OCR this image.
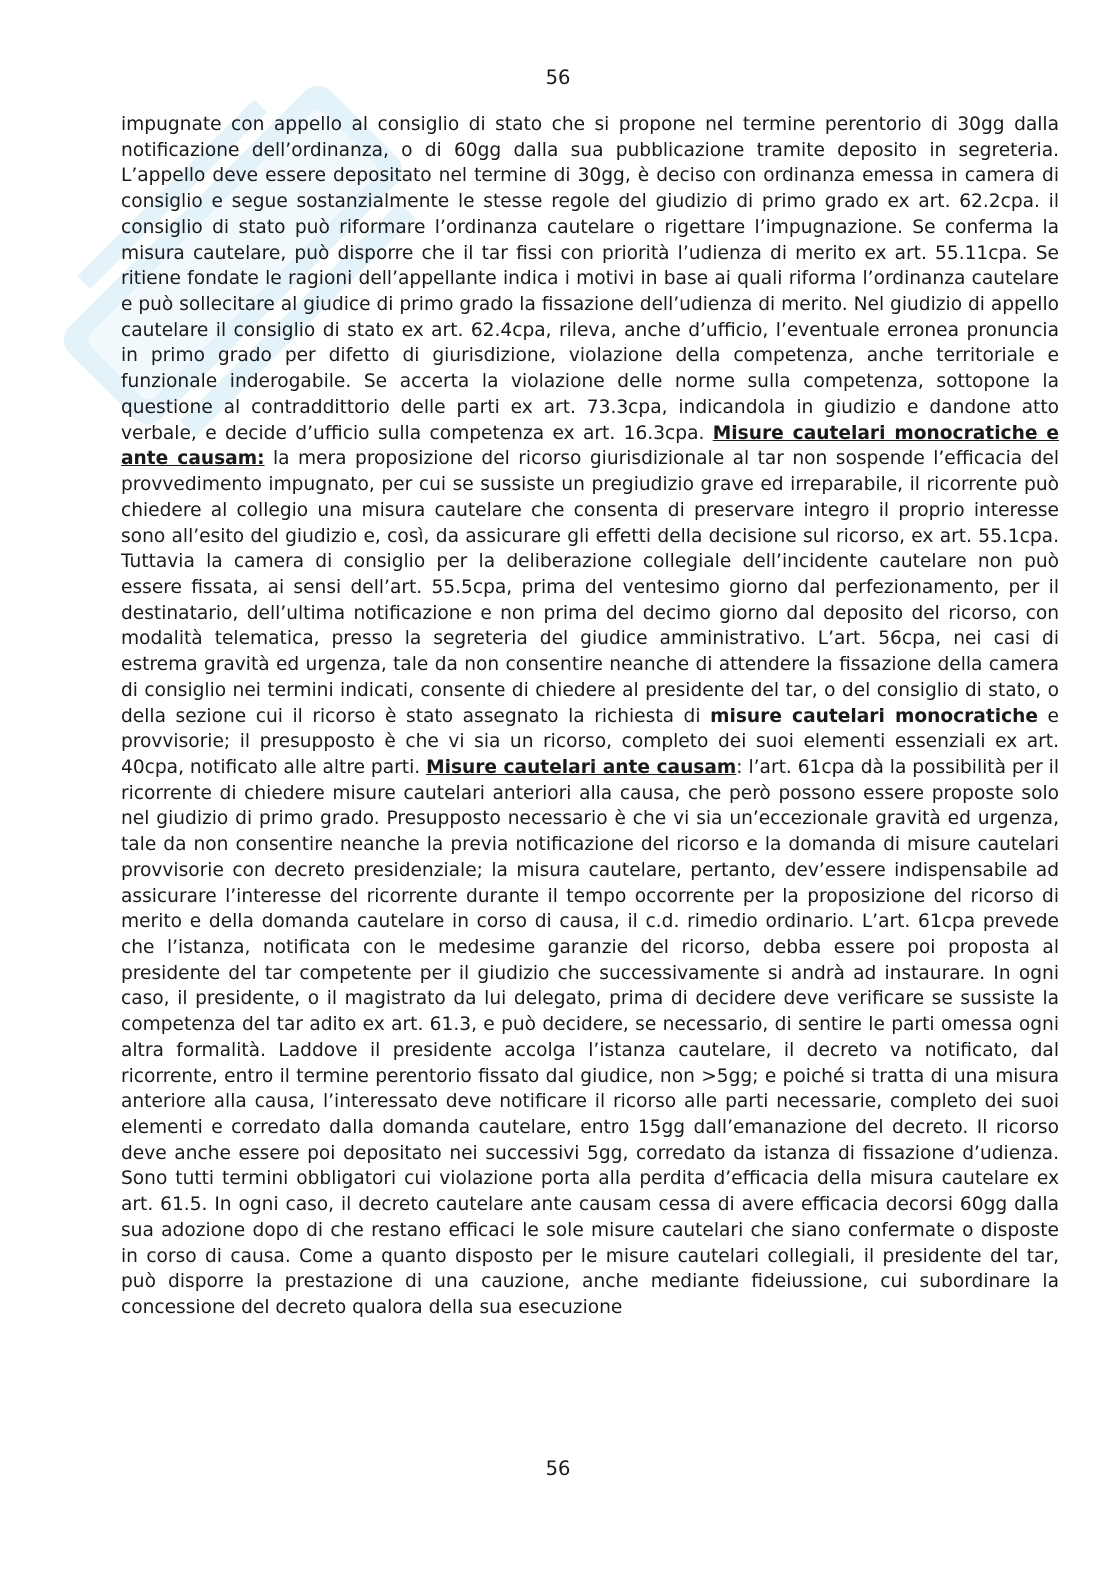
56

impugnate con appello al consiglio di stato che si propone nel termine perentorio di 30gg dalla notificazione dell’ordinanza, o di 60gg dalla sua pubblicazione tramite deposito in segreteria. L’appello deve essere depositato nel termine di 30gg, è deciso con ordinanza emessa in camera di consiglio e segue sostanzialmente le stesse regole del giudizio di primo grado ex art. 62.2cpa. il consiglio di stato può riformare l’ordinanza cautelare o rigettare l’impugnazione. Se conferma la misura cautelare, può disporre che il tar fissi con priorità l’udienza di merito ex art. 55.11cpa. Se ritiene fondate le ragioni dell’appellante indica i motivi in base ai quali riforma l’ordinanza cautelare e può sollecitare al giudice di primo grado la fissazione dell’udienza di merito. Nel giudizio di appello cautelare il consiglio di stato ex art. 62.4cpa, rileva, anche d’ufficio, l’eventuale erronea pronuncia in primo grado per difetto di giurisdizione, violazione della competenza, anche territoriale e funzionale inderogabile. Se accerta la violazione delle norme sulla competenza, sottopone la questione al contraddittorio delle parti ex art. 73.3cpa, indicandola in giudizio e dandone atto verbale, e decide d’ufficio sulla competenza ex art. 16.3cpa. Misure cautelari monocratiche e ante causam: la mera proposizione del ricorso giurisdizionale al tar non sospende l’efficacia del provvedimento impugnato, per cui se sussiste un pregiudizio grave ed irreparabile, il ricorrente può chiedere al collegio una misura cautelare che consenta di preservare integro il proprio interesse sono all’esito del giudizio e, così, da assicurare gli effetti della decisione sul ricorso, ex art. 55.1cpa. Tuttavia la camera di consiglio per la deliberazione collegiale dell’incidente cautelare non può essere fissata, ai sensi dell’art. 55.5cpa, prima del ventesimo giorno dal perfezionamento, per il destinatario, dell’ultima notificazione e non prima del decimo giorno dal deposito del ricorso, con modalità telematica, presso la segreteria del giudice amministrativo. L’art. 56cpa, nei casi di estrema gravità ed urgenza, tale da non consentire neanche di attendere la fissazione della camera di consiglio nei termini indicati, consente di chiedere al presidente del tar, o del consiglio di stato, o della sezione cui il ricorso è stato assegnato la richiesta di misure cautelari monocratiche e provvisorie; il presupposto è che vi sia un ricorso, completo dei suoi elementi essenziali ex art. 40cpa, notificato alle altre parti. Misure cautelari ante causam: l’art. 61cpa dà la possibilità per il ricorrente di chiedere misure cautelari anteriori alla causa, che però possono essere proposte solo nel giudizio di primo grado. Presupposto necessario è che vi sia un’eccezionale gravità ed urgenza, tale da non consentire neanche la previa notificazione del ricorso e la domanda di misure cautelari provvisorie con decreto presidenziale; la misura cautelare, pertanto, dev’essere indispensabile ad assicurare l’interesse del ricorrente durante il tempo occorrente per la proposizione del ricorso di merito e della domanda cautelare in corso di causa, il c.d. rimedio ordinario. L’art. 61cpa prevede che l’istanza, notificata con le medesime garanzie del ricorso, debba essere poi proposta al presidente del tar competente per il giudizio che successivamente si andrà ad instaurare. In ogni caso, il presidente, o il magistrato da lui delegato, prima di decidere deve verificare se sussiste la competenza del tar adito ex art. 61.3, e può decidere, se necessario, di sentire le parti omessa ogni altra formalità. Laddove il presidente accolga l’istanza cautelare, il decreto va notificato, dal ricorrente, entro il termine perentorio fissato dal giudice, non >5gg; e poiché si tratta di una misura anteriore alla causa, l’interessato deve notificare il ricorso alle parti necessarie, completo dei suoi elementi e corredato dalla domanda cautelare, entro 15gg dall’emanazione del decreto. Il ricorso deve anche essere poi depositato nei successivi 5gg, corredato da istanza di fissazione d’udienza. Sono tutti termini obbligatori cui violazione porta alla perdita d’efficacia della misura cautelare ex art. 61.5. In ogni caso, il decreto cautelare ante causam cessa di avere efficacia decorsi 60gg dalla sua adozione dopo di che restano efficaci le sole misure cautelari che siano confermate o disposte in corso di causa. Come a quanto disposto per le misure cautelari collegiali, il presidente del tar, può disporre la prestazione di una cauzione, anche mediante fideiussione, cui subordinare la concessione del decreto qualora della sua esecuzione

56
